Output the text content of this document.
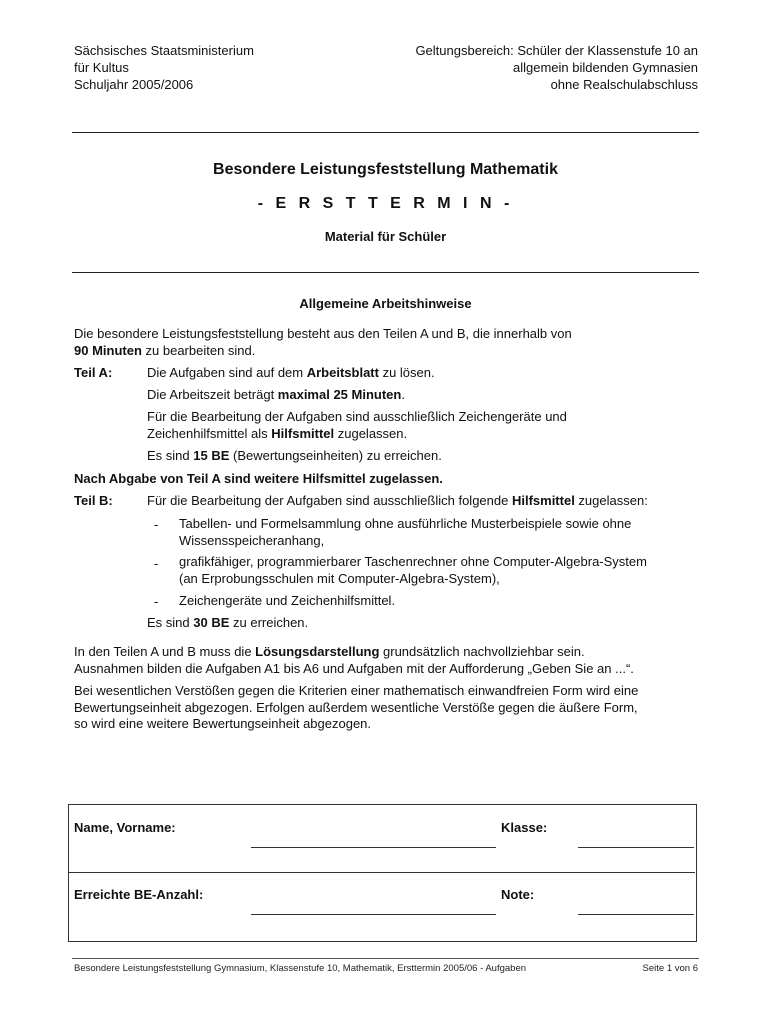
Sächsisches Staatsministerium
für Kultus
Schuljahr 2005/2006
Geltungsbereich: Schüler der Klassenstufe 10 an
allgemein bildenden Gymnasien
ohne Realschulabschluss
Besondere Leistungsfeststellung Mathematik
- E R S T T E R M I N -
Material für Schüler
Allgemeine Arbeitshinweise
Die besondere Leistungsfeststellung besteht aus den Teilen A und B, die innerhalb von
90 Minuten zu bearbeiten sind.
Teil A:	Die Aufgaben sind auf dem Arbeitsblatt zu lösen.
Die Arbeitszeit beträgt maximal 25 Minuten.
Für die Bearbeitung der Aufgaben sind ausschließlich Zeichengeräte und
Zeichenhilfsmittel als Hilfsmittel zugelassen.
Es sind 15 BE (Bewertungseinheiten) zu erreichen.
Nach Abgabe von Teil A sind weitere Hilfsmittel zugelassen.
Teil B:	Für die Bearbeitung der Aufgaben sind ausschließlich folgende Hilfsmittel zugelassen:
- Tabellen- und Formelsammlung ohne ausführliche Musterbeispiele sowie ohne
Wissensspeicheranhang,
- grafikfähiger, programmierbarer Taschenrechner ohne Computer-Algebra-System
(an Erprobungsschulen mit Computer-Algebra-System),
- Zeichengeräte und Zeichenhilfsmittel.
Es sind 30 BE zu erreichen.
In den Teilen A und B muss die Lösungsdarstellung grundsätzlich nachvollziehbar sein.
Ausnahmen bilden die Aufgaben A1 bis A6 und Aufgaben mit der Aufforderung „Geben Sie an ...“.
Bei wesentlichen Verstößen gegen die Kriterien einer mathematisch einwandfreien Form wird eine
Bewertungseinheit abgezogen. Erfolgen außerdem wesentliche Verstöße gegen die äußere Form,
so wird eine weitere Bewertungseinheit abgezogen.
Name, Vorname:	Klasse:
Erreichte BE-Anzahl:	Note:
Besondere Leistungsfeststellung Gymnasium, Klassenstufe 10, Mathematik, Ersttermin 2005/06 - Aufgaben	Seite 1 von 6
